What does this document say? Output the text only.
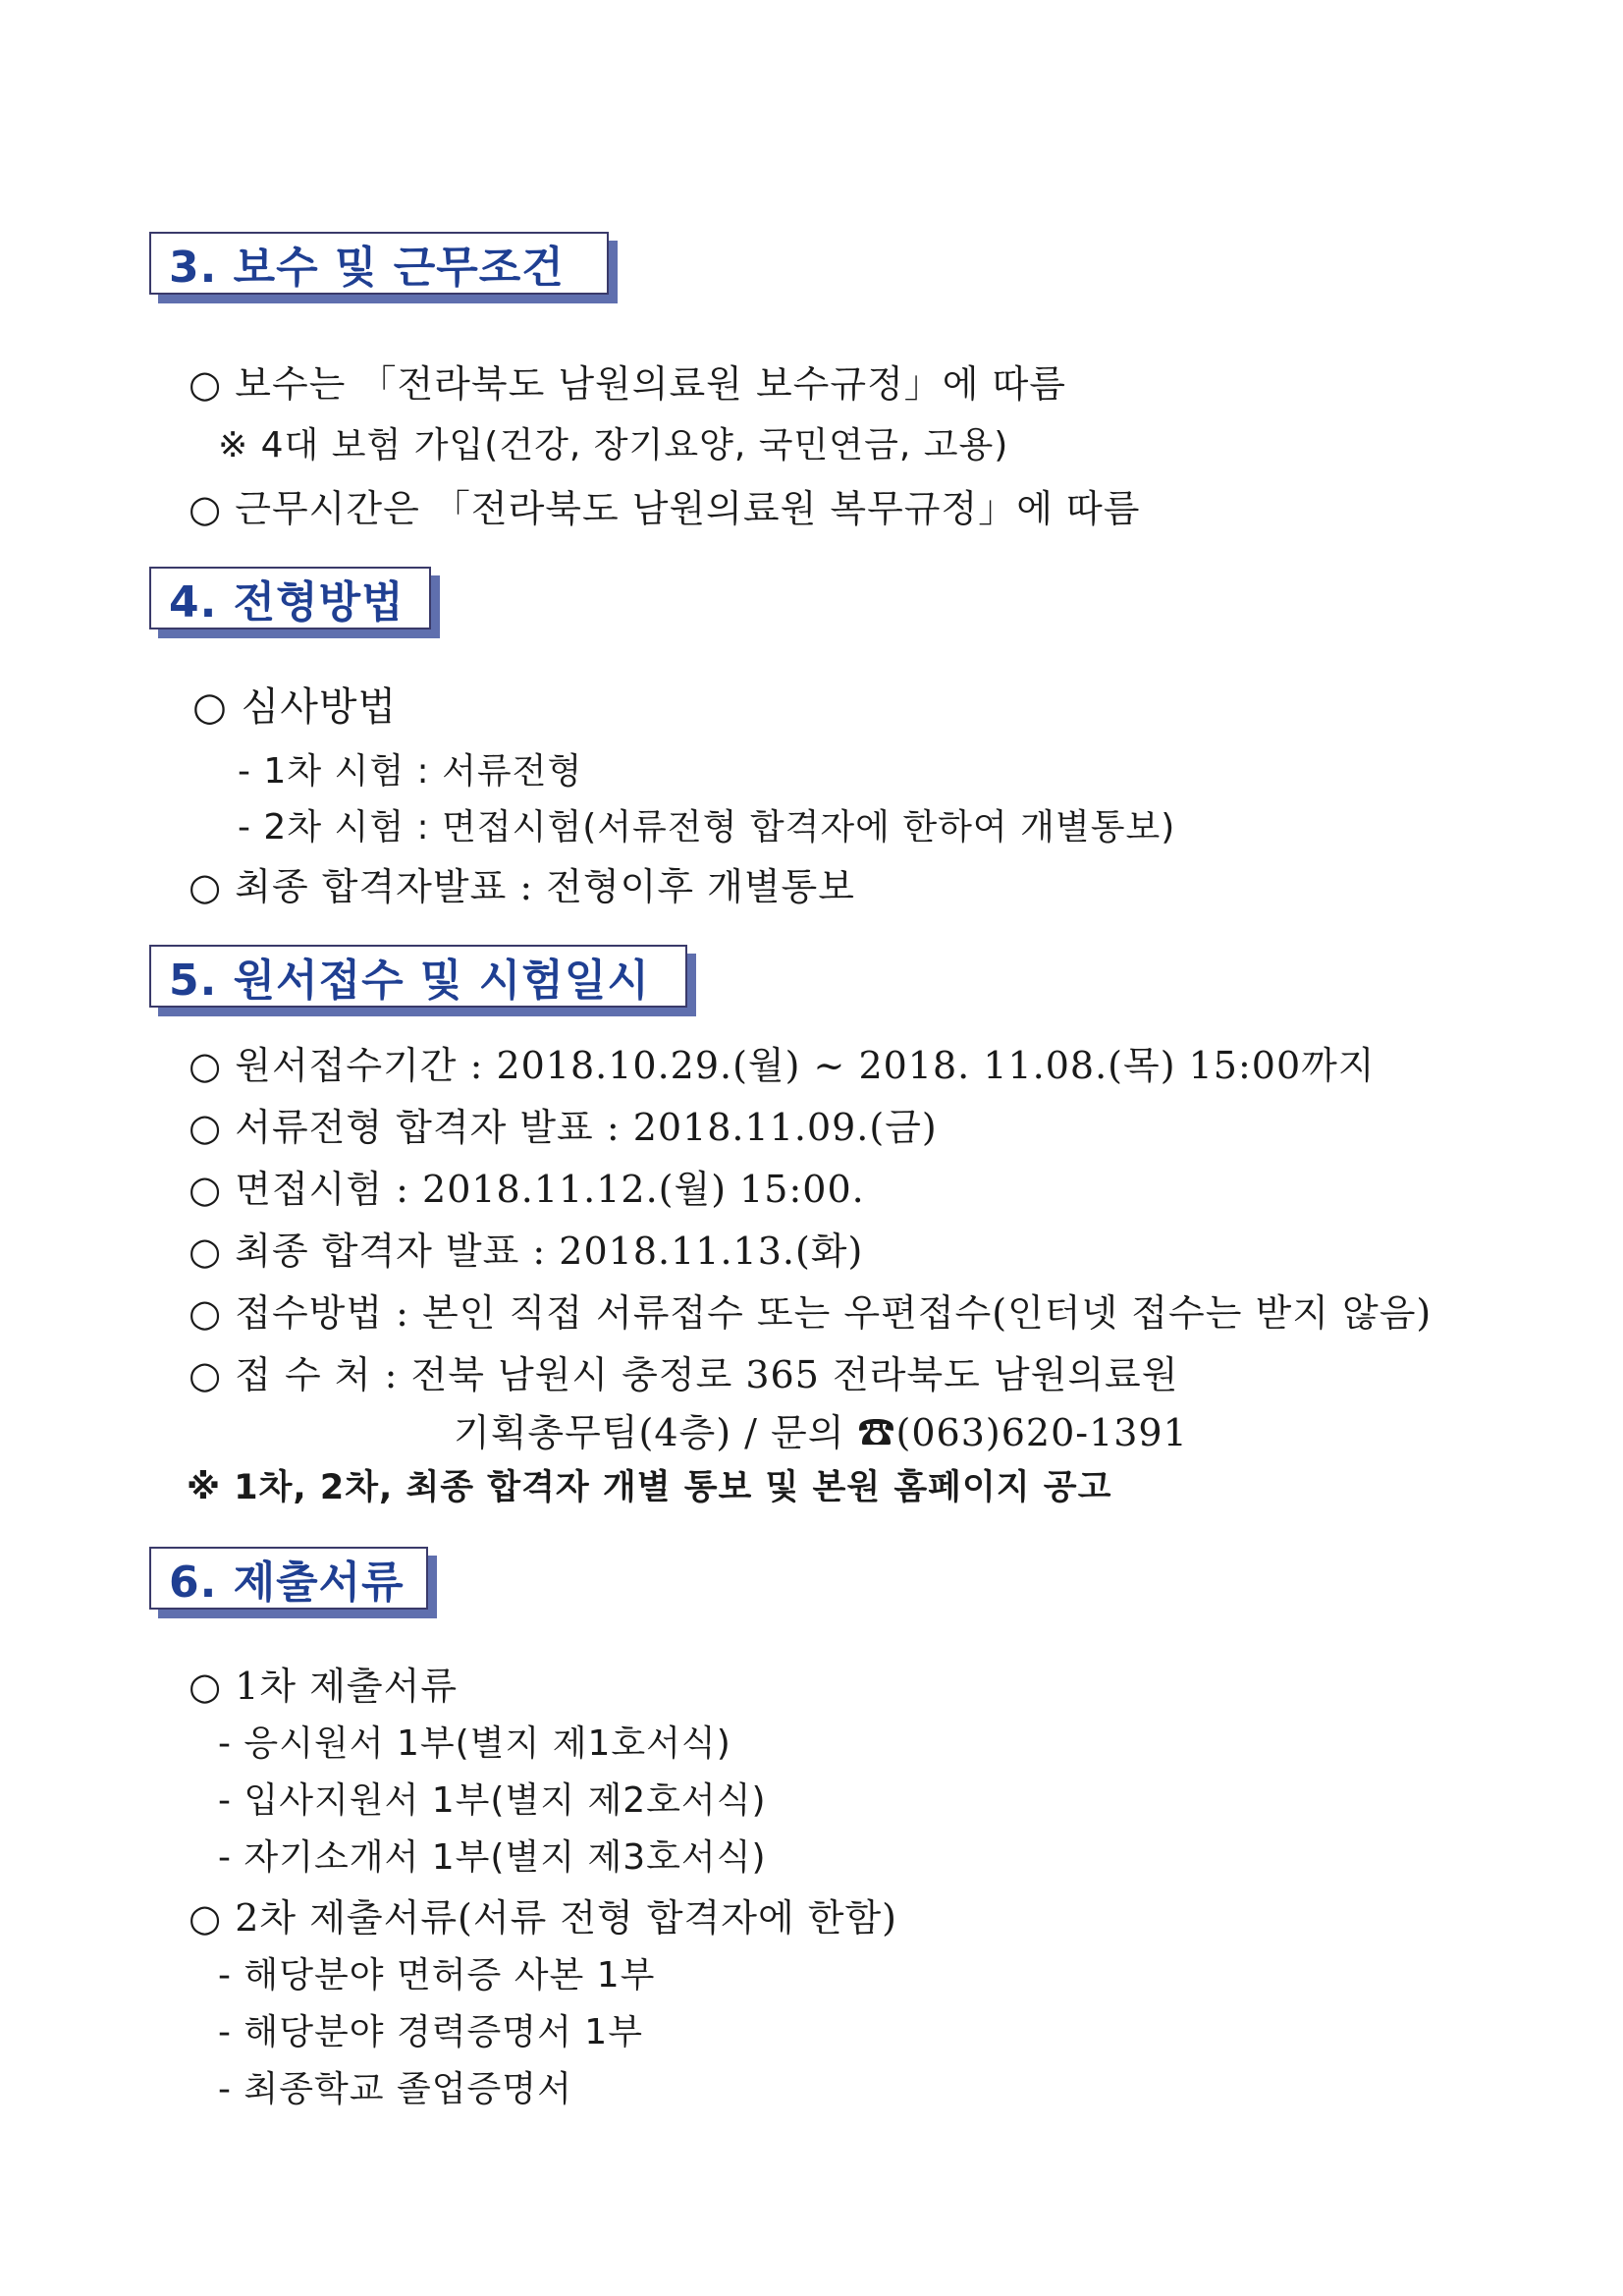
3. 보수 및 근무조건
○ 보수는 「전라북도 남원의료원 보수규정」에 따름
※ 4대 보험 가입(건강, 장기요양, 국민연금, 고용)
○ 근무시간은 「전라북도 남원의료원 복무규정」에 따름
4. 전형방법
○ 심사방법
- 1차 시험 : 서류전형
- 2차 시험 : 면접시험(서류전형 합격자에 한하여 개별통보)
○ 최종 합격자발표 : 전형이후 개별통보
5. 원서접수 및 시험일시
○ 원서접수기간 : 2018.10.29.(월) ~ 2018. 11.08.(목) 15:00까지
○ 서류전형 합격자 발표 : 2018.11.09.(금)
○ 면접시험 : 2018.11.12.(월) 15:00.
○ 최종 합격자 발표 : 2018.11.13.(화)
○ 접수방법 : 본인 직접 서류접수 또는 우편접수(인터넷 접수는 받지 않음)
○ 접 수 처 : 전북 남원시 충정로 365 전라북도 남원의료원
기획총무팀(4층) / 문의 ☎(063)620-1391
※ 1차, 2차, 최종 합격자 개별 통보 및 본원 홈페이지 공고
6. 제출서류
○ 1차 제출서류
- 응시원서 1부(별지 제1호서식)
- 입사지원서 1부(별지 제2호서식)
- 자기소개서 1부(별지 제3호서식)
○ 2차 제출서류(서류 전형 합격자에 한함)
- 해당분야 면허증 사본 1부
- 해당분야 경력증명서 1부
- 최종학교 졸업증명서
